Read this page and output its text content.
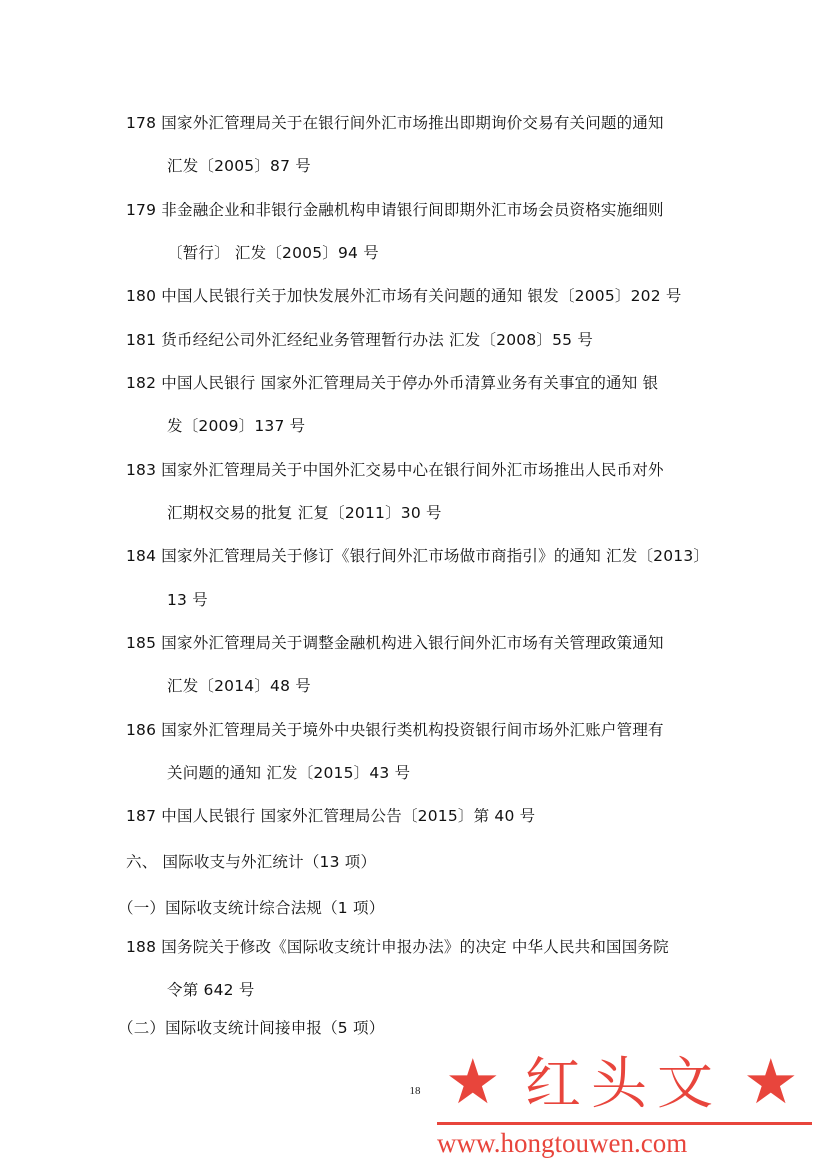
178 国家外汇管理局关于在银行间外汇市场推出即期询价交易有关问题的通知
汇发〔2005〕87 号
179 非金融企业和非银行金融机构申请银行间即期外汇市场会员资格实施细则
〔暂行〕 汇发〔2005〕94 号
180 中国人民银行关于加快发展外汇市场有关问题的通知 银发〔2005〕202 号
181 货币经纪公司外汇经纪业务管理暂行办法 汇发〔2008〕55 号
182 中国人民银行 国家外汇管理局关于停办外币清算业务有关事宜的通知 银
发〔2009〕137 号
183 国家外汇管理局关于中国外汇交易中心在银行间外汇市场推出人民币对外
汇期权交易的批复 汇复〔2011〕30 号
184 国家外汇管理局关于修订《银行间外汇市场做市商指引》的通知 汇发〔2013〕
13 号
185 国家外汇管理局关于调整金融机构进入银行间外汇市场有关管理政策通知
汇发〔2014〕48 号
186 国家外汇管理局关于境外中央银行类机构投资银行间市场外汇账户管理有
关问题的通知 汇发〔2015〕43 号
187 中国人民银行 国家外汇管理局公告〔2015〕第 40 号
六、 国际收支与外汇统计（13 项）
（一）国际收支统计综合法规（1 项）
188 国务院关于修改《国际收支统计申报办法》的决定 中华人民共和国国务院
令第 642 号
（二）国际收支统计间接申报（5 项）
18 ★ 红头文 ★
www.hongtouwen.com
